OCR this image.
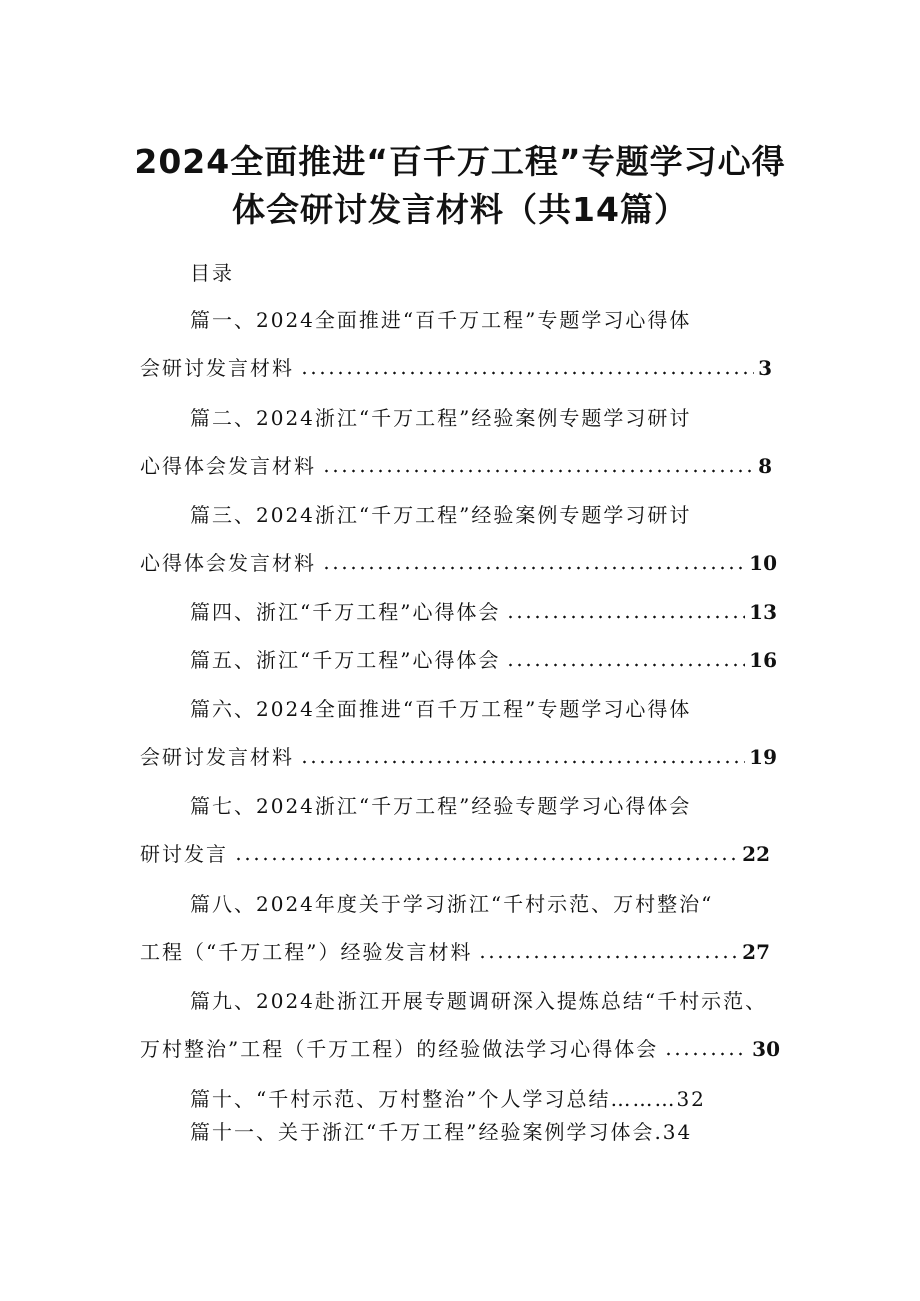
2024全面推进“百千万工程”专题学习心得
体会研讨发言材料（共14篇）
目录
篇一、2024全面推进“百千万工程”专题学习心得体
会研讨发言材料	3
篇二、2024浙江“千万工程”经验案例专题学习研讨
心得体会发言材料	8
篇三、2024浙江“千万工程”经验案例专题学习研讨
心得体会发言材料	10
篇四、浙江“千万工程”心得体会	13
篇五、浙江“千万工程”心得体会	16
篇六、2024全面推进“百千万工程”专题学习心得体
会研讨发言材料	19
篇七、2024浙江“千万工程”经验专题学习心得体会
研讨发言	22
篇八、2024年度关于学习浙江“千村示范、万村整治“
工程（“千万工程”）经验发言材料	27
篇九、2024赴浙江开展专题调研深入提炼总结“千村示范、
万村整治”工程（千万工程）的经验做法学习心得体会	30
篇十、“千村示范、万村整治”个人学习总结………32
篇十一、关于浙江“千万工程”经验案例学习体会.34
